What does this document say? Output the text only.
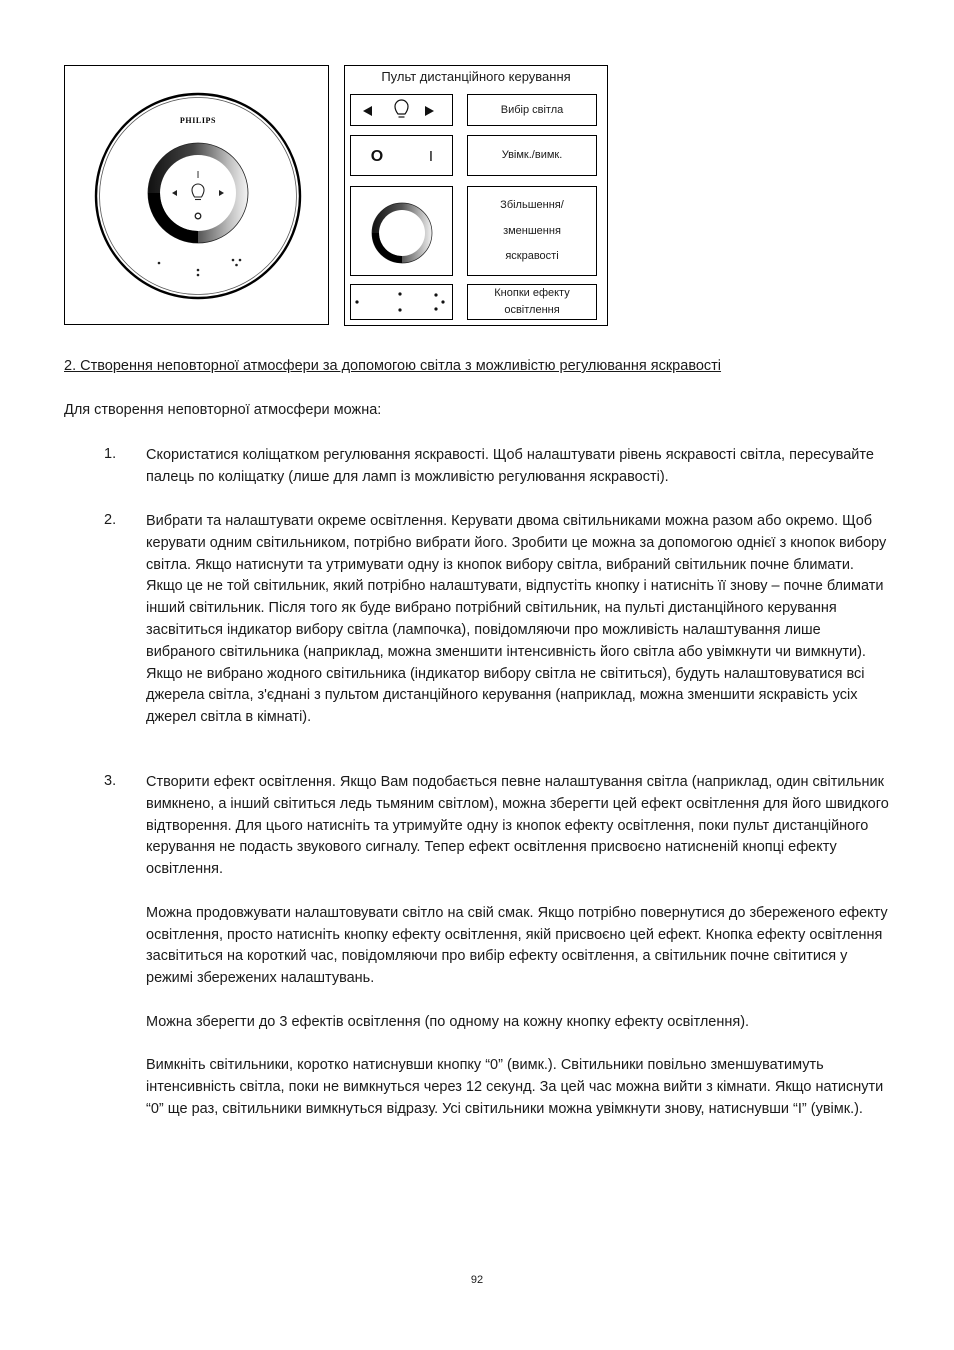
PHILIPS
I
Пульт дистанційного керування
Вибір світла
O	I	Увімк./вимк.
Збільшення/
зменшення
яскравості
Кнопки ефекту
освітлення
2. Створення неповторної атмосфери за допомогою світла з можливістю регулювання яскравості
Для створення неповторної атмосфери можна:
1. Скористатися коліщатком регулювання яскравості. Щоб налаштувати рівень яскравості світла, пересувайте палець по коліщатку (лише для ламп із можливістю регулювання яскравості).

2. Вибрати та налаштувати окреме освітлення. Керувати двома світильниками можна разом або окремо. Щоб керувати одним світильником, потрібно вибрати його. Зробити це можна за допомогою однієї з кнопок вибору світла. Якщо натиснути та утримувати одну із кнопок вибору світла, вибраний світильник почне блимати. Якщо це не той світильник, який потрібно налаштувати, відпустіть кнопку і натисніть її знову – почне блимати інший світильник. Після того як буде вибрано потрібний світильник, на пульті дистанційного керування засвітиться індикатор вибору світла (лампочка), повідомляючи про можливість налаштування лише вибраного світильника (наприклад, можна зменшити інтенсивність його світла або увімкнути чи вимкнути). Якщо не вибрано жодного світильника (індикатор вибору світла не світиться), будуть налаштовуватися всі джерела світла, з'єднані з пультом дистанційного керування (наприклад, можна зменшити яскравість усіх джерел світла в кімнаті).

3. Створити ефект освітлення. Якщо Вам подобається певне налаштування світла (наприклад, один світильник вимкнено, а інший світиться ледь тьмяним світлом), можна зберегти цей ефект освітлення для його швидкого відтворення. Для цього натисніть та утримуйте одну із кнопок ефекту освітлення, поки пульт дистанційного керування не подасть звукового сигналу. Тепер ефект освітлення присвоєно натисненій кнопці ефекту освітлення.

Можна продовжувати налаштовувати світло на свій смак. Якщо потрібно повернутися до збереженого ефекту освітлення, просто натисніть кнопку ефекту освітлення, якій присвоєно цей ефект. Кнопка ефекту освітлення засвітиться на короткий час, повідомляючи про вибір ефекту освітлення, а світильник почне світитися у режимі збережених налаштувань.

Можна зберегти до 3 ефектів освітлення (по одному на кожну кнопку ефекту освітлення).

Вимкніть світильники, коротко натиснувши кнопку “0” (вимк.). Світильники повільно зменшуватимуть інтенсивність світла, поки не вимкнуться через 12 секунд. За цей час можна вийти з кімнати. Якщо натиснути “0” ще раз, світильники вимкнуться відразу. Усі світильники можна увімкнути знову, натиснувши “I” (увімк.).

92
